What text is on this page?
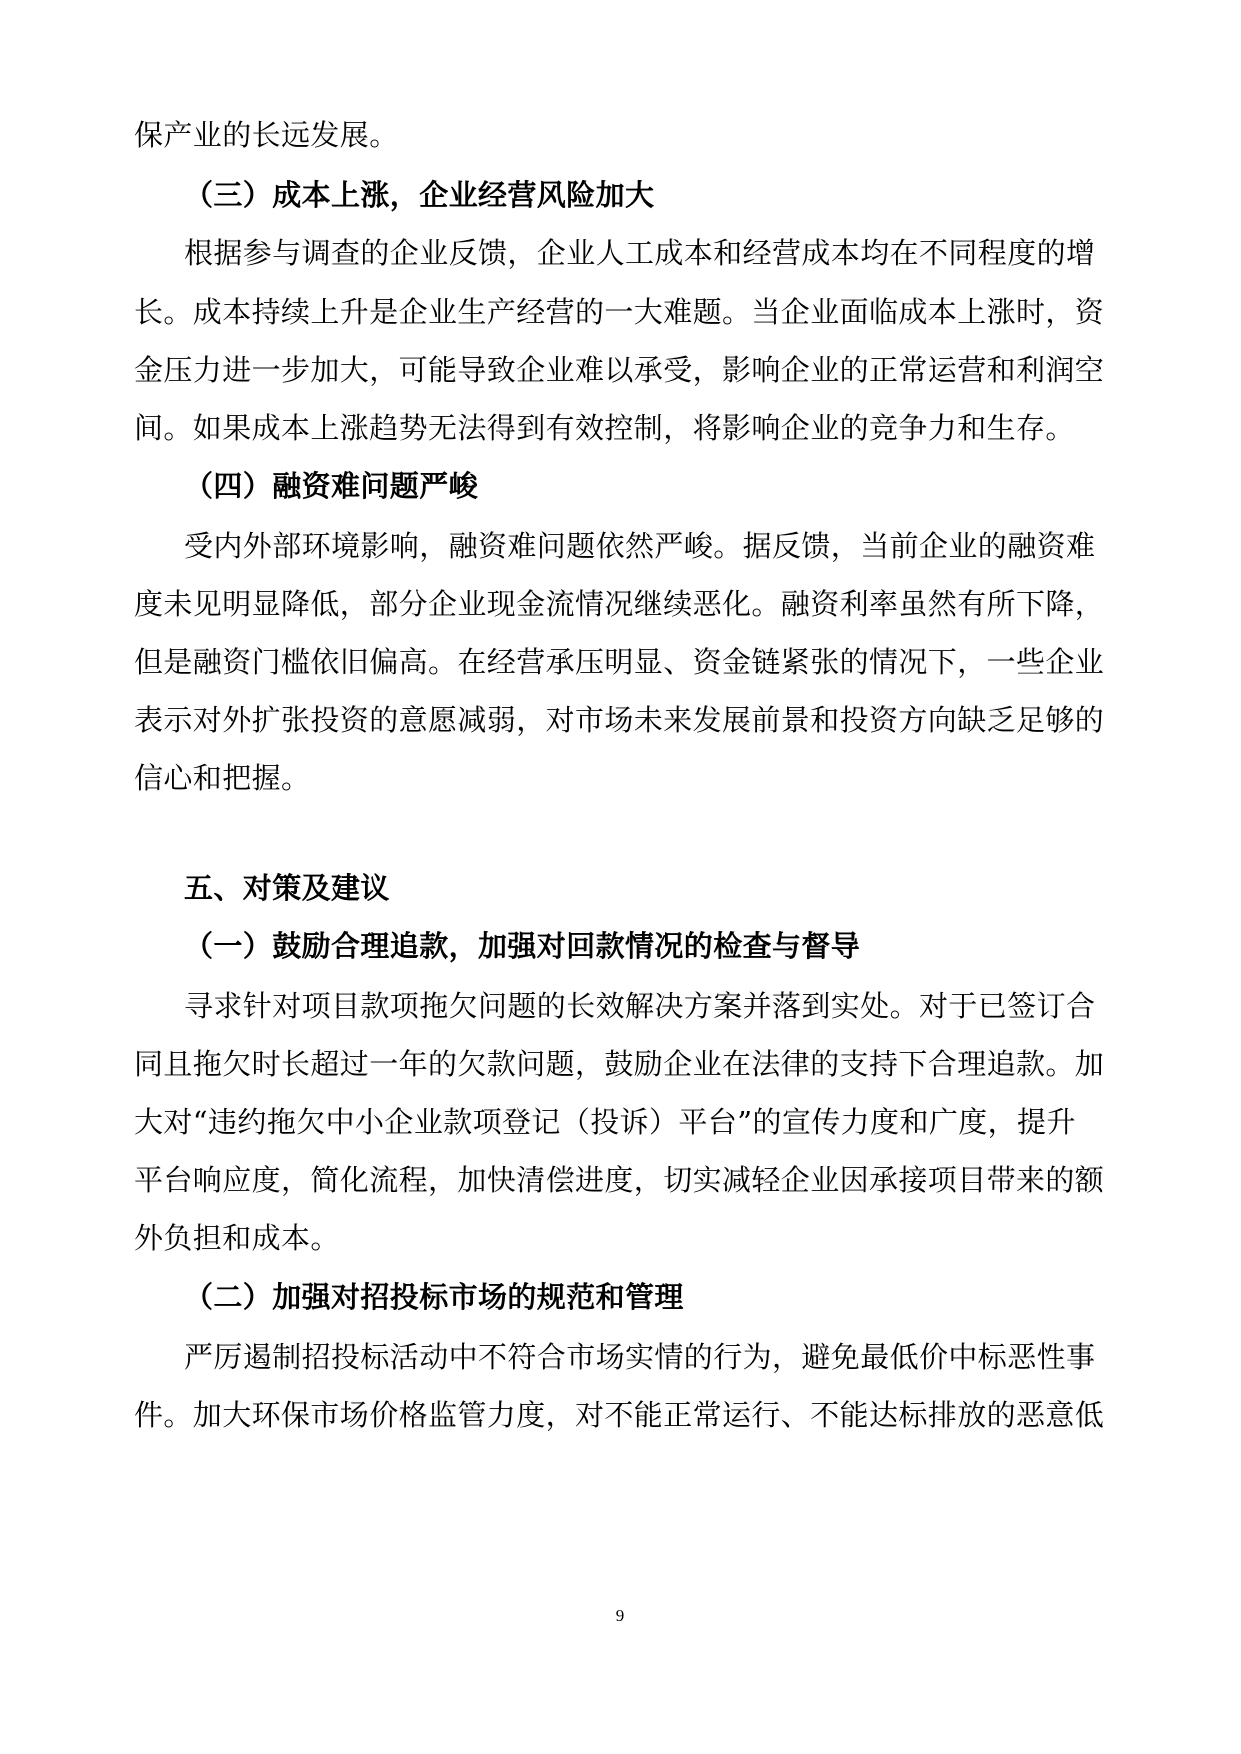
保产业的长远发展。
（三）成本上涨，企业经营风险加大
根据参与调查的企业反馈，企业人工成本和经营成本均在不同程度的增
长。成本持续上升是企业生产经营的一大难题。当企业面临成本上涨时，资
金压力进一步加大，可能导致企业难以承受，影响企业的正常运营和利润空
间。如果成本上涨趋势无法得到有效控制，将影响企业的竞争力和生存。
（四）融资难问题严峻
受内外部环境影响，融资难问题依然严峻。据反馈，当前企业的融资难
度未见明显降低，部分企业现金流情况继续恶化。融资利率虽然有所下降，
但是融资门槛依旧偏高。在经营承压明显、资金链紧张的情况下，一些企业
表示对外扩张投资的意愿减弱，对市场未来发展前景和投资方向缺乏足够的
信心和把握。
五、对策及建议
（一）鼓励合理追款，加强对回款情况的检查与督导
寻求针对项目款项拖欠问题的长效解决方案并落到实处。对于已签订合
同且拖欠时长超过一年的欠款问题，鼓励企业在法律的支持下合理追款。加
大对“违约拖欠中小企业款项登记（投诉）平台”的宣传力度和广度，提升
平台响应度，简化流程，加快清偿进度，切实减轻企业因承接项目带来的额
外负担和成本。
（二）加强对招投标市场的规范和管理
严厉遏制招投标活动中不符合市场实情的行为，避免最低价中标恶性事
件。加大环保市场价格监管力度，对不能正常运行、不能达标排放的恶意低
9
